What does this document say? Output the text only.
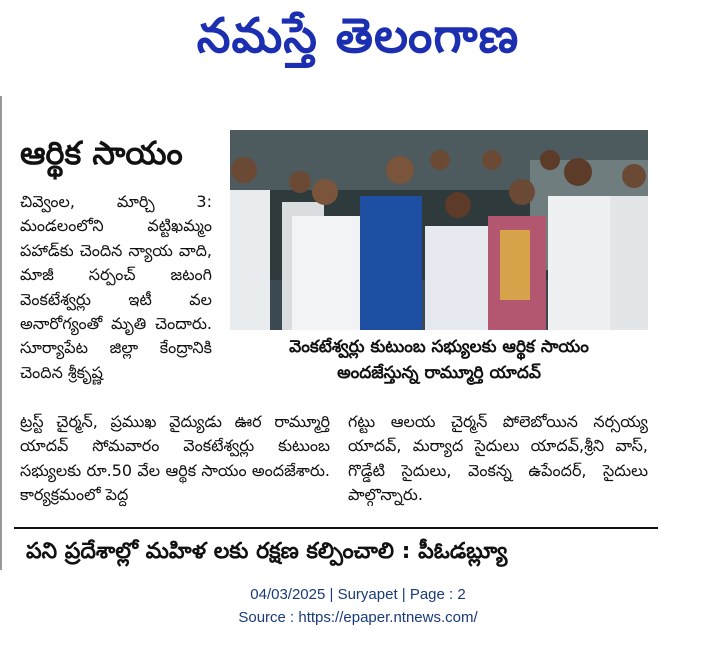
నమస్తే తెలంగాణ
ఆర్థిక సాయం
వెంకటేశ్వర్లు కుటుంబ సభ్యులకు ఆర్థిక సాయం
అందజేస్తున్న రామ్మూర్తి యాదవ్
చివ్వెంల, మార్చి 3: మండలంలోని వట్టిఖమ్మం పహాడ్‌కు చెందిన న్యాయ వాది, మాజీ సర్పంచ్ జటంగి వెంకటేశ్వర్లు ఇటీ వల అనారోగ్యంతో మృతి చెందారు. సూర్యాపేట జిల్లా కేంద్రానికి చెందిన శ్రీకృష్ణ
ట్రస్ట్ చైర్మన్, ప్రముఖ వైద్యుడు ఊర రామ్మూర్తి యాదవ్ సోమవారం వెంకటేశ్వర్లు కుటుంబ సభ్యులకు రూ.50 వేల ఆర్థిక సాయం అందజేశారు. కార్యక్రమంలో పెద్ద
గట్టు ఆలయ చైర్మన్ పోలెబోయిన నర్సయ్య యాదవ్, మర్యాద సైదులు యాదవ్,శ్రీని వాస్, గొడ్డేటి సైదులు, వెంకన్న ఉపేందర్, సైదులు పాల్గొన్నారు.
పని ప్రదేశాల్లో మహిళ లకు రక్షణ కల్పించాలి : పీఓడబ్ల్యూ
04/03/2025 | Suryapet | Page : 2
Source : https://epaper.ntnews.com/
